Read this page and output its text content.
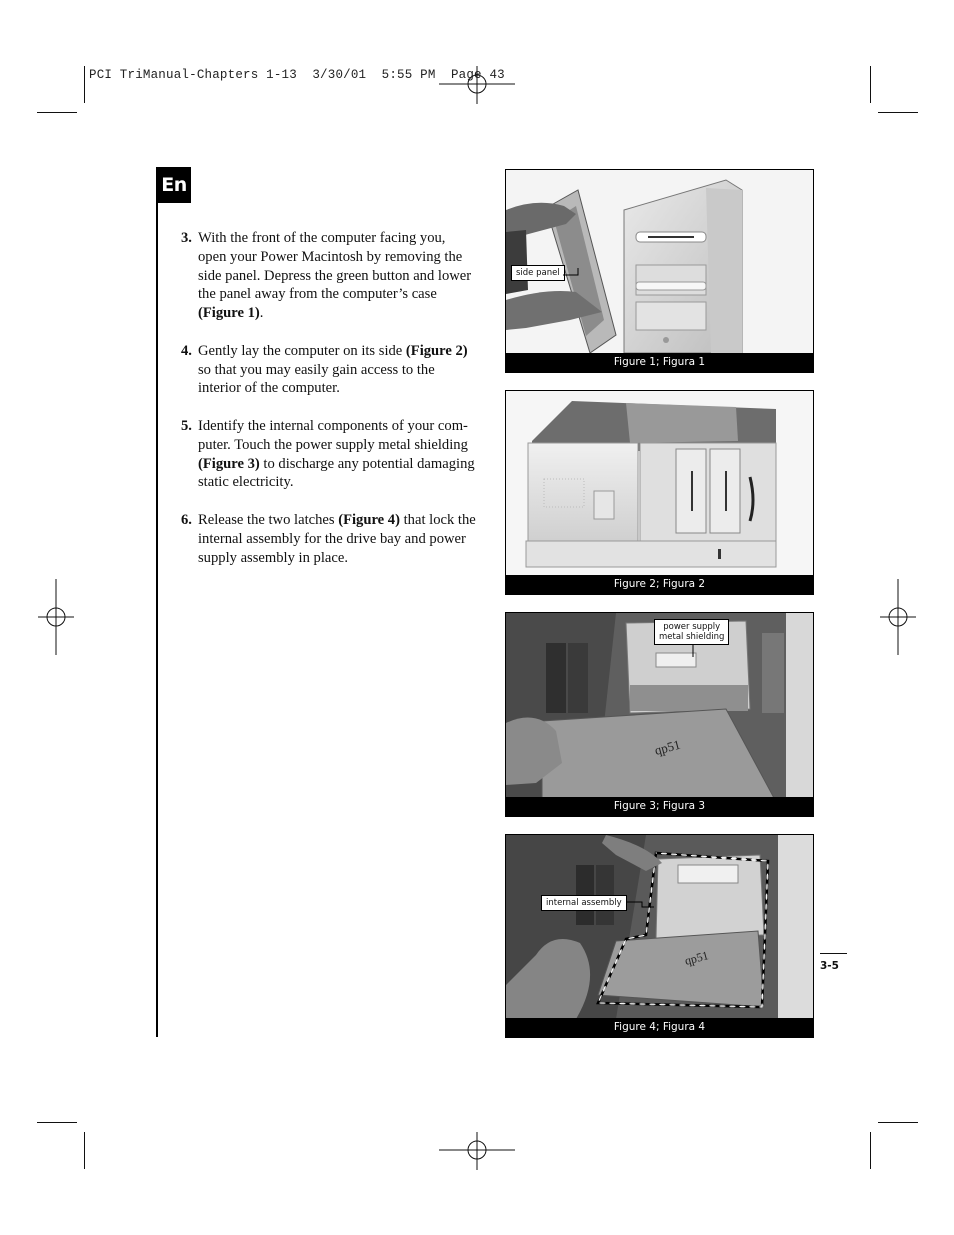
PCI TriManual-Chapters 1-13  3/30/01  5:55 PM  Page 43
En
3. With the front of the computer facing you, open your Power Macintosh by removing the side panel. Depress the green button and lower the panel away from the computer’s case (Figure 1).
4. Gently lay the computer on its side (Figure 2) so that you may easily gain access to the interior of the computer.
5. Identify the internal components of your com- puter. Touch the power supply metal shielding (Figure 3) to discharge any potential damaging static electricity.
6. Release the two latches (Figure 4) that lock the internal assembly for the drive bay and power supply assembly in place.
side panel
Figure 1; Figura 1
Figure 2; Figura 2
qp51
power supply
metal shielding
Figure 3; Figura 3
qp51
internal assembly
Figure 4; Figura 4
3-5
